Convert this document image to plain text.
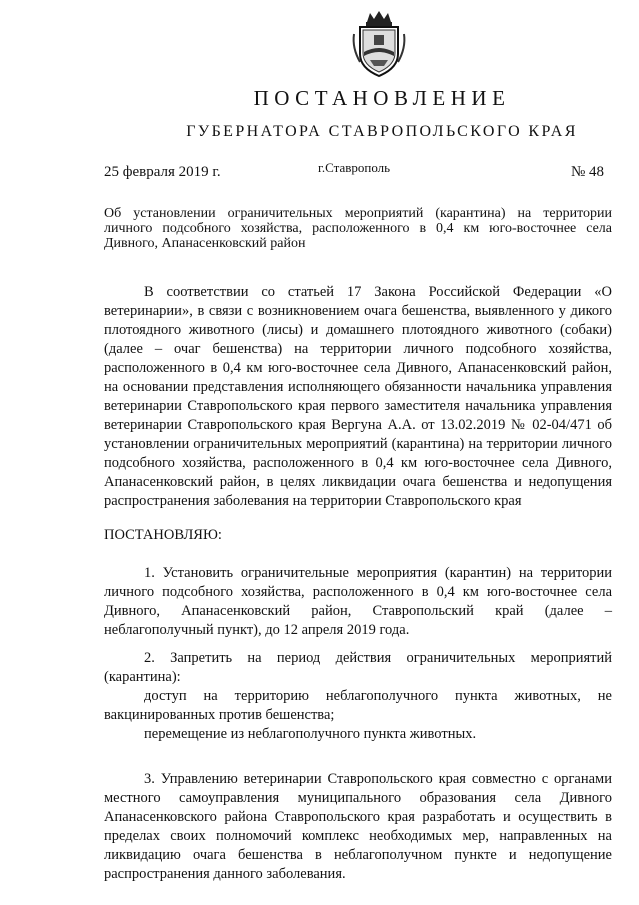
ПОСТАНОВЛЕНИЕ
ГУБЕРНАТОРА СТАВРОПОЛЬСКОГО КРАЯ
25 февраля 2019 г.	г.Ставрополь	№ 48
Об установлении ограничительных мероприятий (карантина) на территории личного подсобного хозяйства, расположенного в 0,4 км юго-восточнее села Дивного, Апанасенковский район

В соответствии со статьей 17 Закона Российской Федерации «О ветеринарии», в связи с возникновением очага бешенства, выявленного у дикого плотоядного животного (лисы) и домашнего плотоядного животного (собаки) (далее – очаг бешенства) на территории личного подсобного хозяйства, расположенного в 0,4 км юго-восточнее села Дивного, Апанасенковский район, на основании представления исполняющего обязанности начальника управления ветеринарии Ставропольского края первого заместителя начальника управления ветеринарии Ставропольского края Вергуна А.А. от 13.02.2019 № 02-04/471 об установлении ограничительных мероприятий (карантина) на территории личного подсобного хозяйства, расположенного в 0,4 км юго-восточнее села Дивного, Апанасенковский район, в целях ликвидации очага бешенства и недопущения распространения заболевания на территории Ставропольского края

ПОСТАНОВЛЯЮ:

1. Установить ограничительные мероприятия (карантин) на территории личного подсобного хозяйства, расположенного в 0,4 км юго-восточнее села Дивного, Апанасенковский район, Ставропольский край (далее – неблагополучный пункт), до 12 апреля 2019 года.

2. Запретить на период действия ограничительных мероприятий (карантина):

доступ на территорию неблагополучного пункта животных, не вакцинированных против бешенства;

перемещение из неблагополучного пункта животных.

3. Управлению ветеринарии Ставропольского края совместно с органами местного самоуправления муниципального образования села Дивного Апанасенковского района Ставропольского края разработать и осуществить в пределах своих полномочий комплекс необходимых мер, направленных на ликвидацию очага бешенства в неблагополучном пункте и недопущение распространения данного заболевания.
